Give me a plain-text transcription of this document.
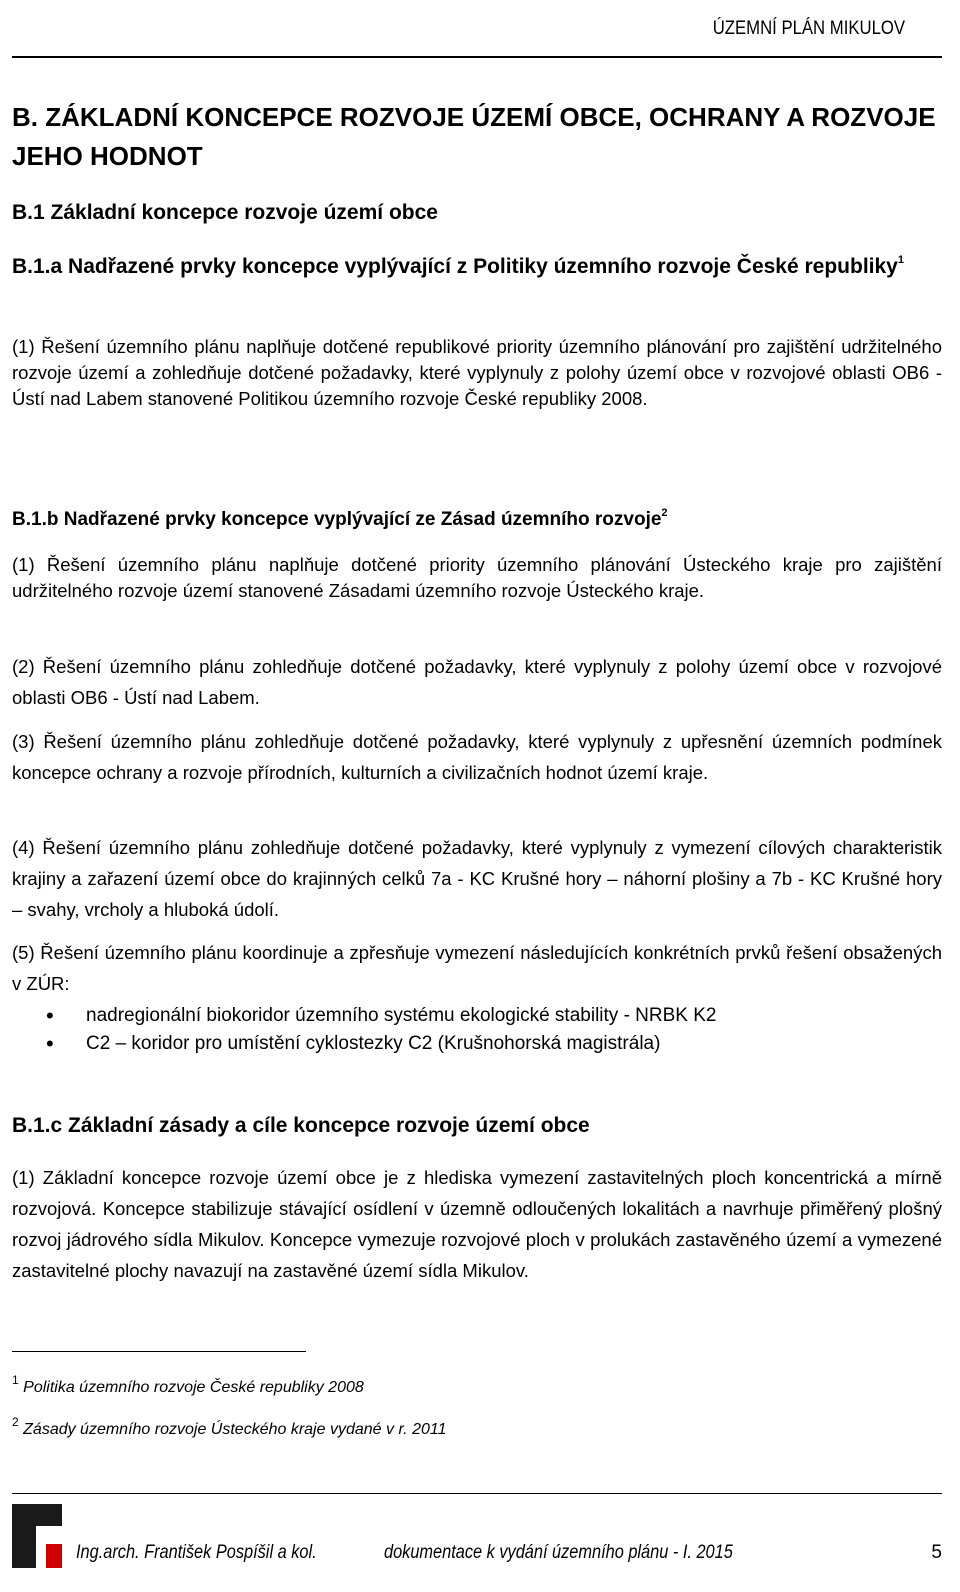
ÚZEMNÍ PLÁN MIKULOV
B. ZÁKLADNÍ KONCEPCE ROZVOJE ÚZEMÍ OBCE, OCHRANY A ROZVOJE JEHO HODNOT
B.1 Základní koncepce rozvoje území obce
B.1.a Nadřazené prvky koncepce vyplývající z Politiky územního rozvoje České republiky$^1$
(1) Řešení územního plánu naplňuje dotčené republikové priority územního plánování pro zajištění udržitelného rozvoje území a zohledňuje dotčené požadavky, které vyplynuly z polohy území obce v rozvojové oblasti OB6 - Ústí nad Labem stanovené Politikou územního rozvoje České republiky 2008.
B.1.b Nadřazené prvky koncepce vyplývající ze Zásad územního rozvoje$^2$
(1) Řešení územního plánu naplňuje dotčené priority územního plánování Ústeckého kraje pro zajištění udržitelného rozvoje území stanovené Zásadami územního rozvoje Ústeckého kraje.
(2) Řešení územního plánu zohledňuje dotčené požadavky, které vyplynuly z polohy území obce v rozvojové oblasti OB6 - Ústí nad Labem.
(3) Řešení územního plánu zohledňuje dotčené požadavky, které vyplynuly z upřesnění územních podmínek koncepce ochrany a rozvoje přírodních, kulturních a civilizačních hodnot území kraje.
(4) Řešení územního plánu zohledňuje dotčené požadavky, které vyplynuly z vymezení cílových charakteristik krajiny a zařazení území obce do krajinných celků 7a - KC Krušné hory – náhorní plošiny a 7b - KC Krušné hory – svahy, vrcholy a hluboká údolí.
(5) Řešení územního plánu koordinuje a zpřesňuje vymezení následujících konkrétních prvků řešení obsažených v ZÚR:
• nadregionální biokoridor územního systému ekologické stability - NRBK K2
• C2 – koridor pro umístění cyklostezky C2 (Krušnohorská magistrála)
B.1.c Základní zásady a cíle koncepce rozvoje území obce
(1) Základní koncepce rozvoje území obce je z hlediska vymezení zastavitelných ploch koncentrická a mírně rozvojová. Koncepce stabilizuje stávající osídlení v územně odloučených lokalitách a navrhuje přiměřený plošný rozvoj jádrového sídla Mikulov. Koncepce vymezuje rozvojové ploch v prolukách zastavěného území a vymezené zastavitelné plochy navazují na zastavěné území sídla Mikulov.
$^1$ Politika územního rozvoje České republiky 2008
$^2$ Zásady územního rozvoje Ústeckého kraje vydané v r. 2011
Ing.arch. František Pospíšil a kol.	dokumentace k vydání územního plánu - I. 2015	5
